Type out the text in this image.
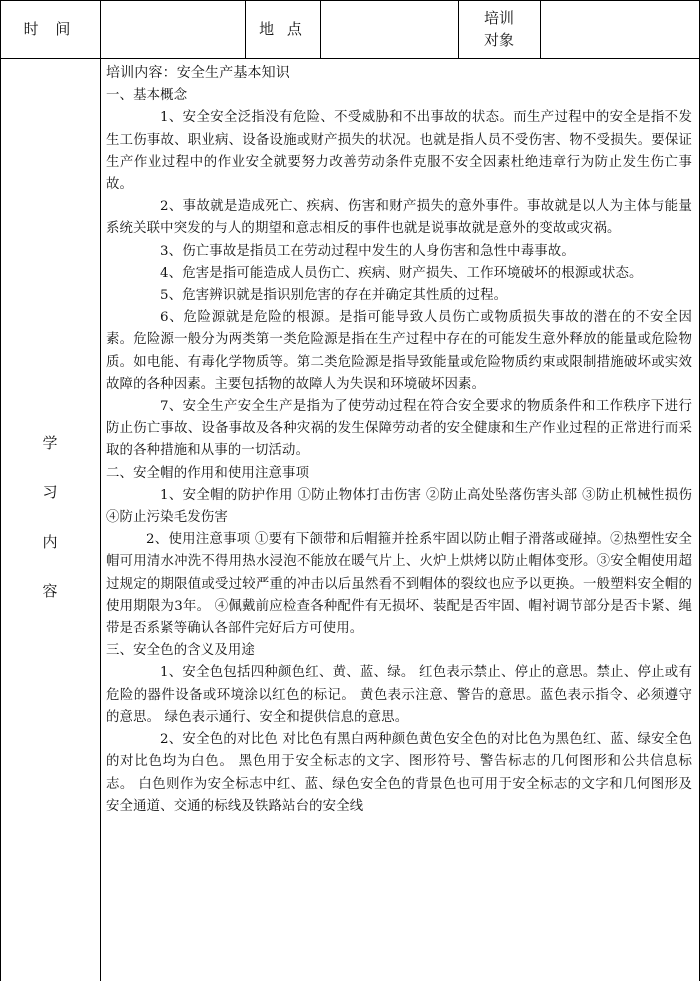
时 间	地 点
培训
对象
学
习
内
容

培训内容：安全生产基本知识

一、基本概念

1、安全安全泛指没有危险、不受威胁和不出事故的状态。而生产过程中的安全是指不发生工伤事故、职业病、设备设施或财产损失的状况。也就是指人员不受伤害、物不受损失。要保证生产作业过程中的作业安全就要努力改善劳动条件克服不安全因素杜绝违章行为防止发生伤亡事故。

2、事故就是造成死亡、疾病、伤害和财产损失的意外事件。事故就是以人为主体与能量系统关联中突发的与人的期望和意志相反的事件也就是说事故就是意外的变故或灾祸。

3、伤亡事故是指员工在劳动过程中发生的人身伤害和急性中毒事故。

4、危害是指可能造成人员伤亡、疾病、财产损失、工作环境破坏的根源或状态。

5、危害辨识就是指识别危害的存在并确定其性质的过程。

6、危险源就是危险的根源。是指可能导致人员伤亡或物质损失事故的潜在的不安全因素。危险源一般分为两类第一类危险源是指在生产过程中存在的可能发生意外释放的能量或危险物质。如电能、有毒化学物质等。第二类危险源是指导致能量或危险物质约束或限制措施破坏或实效故障的各种因素。主要包括物的故障人为失误和环境破坏因素。

7、安全生产安全生产是指为了使劳动过程在符合安全要求的物质条件和工作秩序下进行防止伤亡事故、设备事故及各种灾祸的发生保障劳动者的安全健康和生产作业过程的正常进行而采取的各种措施和从事的一切活动。

二、安全帽的作用和使用注意事项

1、安全帽的防护作用 ①防止物体打击伤害 ②防止高处坠落伤害头部 ③防止机械性损伤 ④防止污染毛发伤害

2、使用注意事项 ①要有下颌带和后帽箍并拴系牢固以防止帽子滑落或碰掉。②热塑性安全帽可用清水冲洗不得用热水浸泡不能放在暖气片上、火炉上烘烤以防止帽体变形。③安全帽使用超过规定的期限值或受过较严重的冲击以后虽然看不到帽体的裂纹也应予以更换。一般塑料安全帽的使用期限为3年。 ④佩戴前应检查各种配件有无损坏、装配是否牢固、帽衬调节部分是否卡紧、绳带是否系紧等确认各部件完好后方可使用。

三、安全色的含义及用途

1、安全色包括四种颜色红、黄、蓝、绿。 红色表示禁止、停止的意思。禁止、停止或有危险的器件设备或环境涂以红色的标记。 黄色表示注意、警告的意思。蓝色表示指令、必须遵守的意思。 绿色表示通行、安全和提供信息的意思。

2、安全色的对比色 对比色有黑白两种颜色黄色安全色的对比色为黑色红、蓝、绿安全色的对比色均为白色。 黑色用于安全标志的文字、图形符号、警告标志的几何图形和公共信息标志。 白色则作为安全标志中红、蓝、绿色安全色的背景色也可用于安全标志的文字和几何图形及安全通道、交通的标线及铁路站台的安全线
